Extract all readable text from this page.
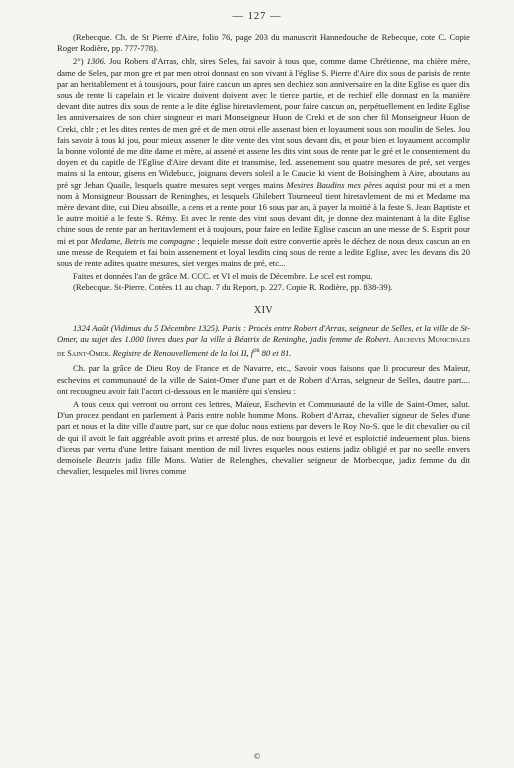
— 127 —

(Rebecque. Ch. de St Pierre d'Aire, folio 76, page 203 du manuscrit Hannedouche de Rebecque, cote C. Copie Roger Rodière, pp. 777-778).

2°) 1306. Jou Robers d'Arras, chlr, sires Seles, fai savoir à tous que, comme dame Chrétienne, ma chière mère, dame de Seles, par mon gre et par men otroi donnast en son vivant à l'église S. Pierre d'Aire dix sous de parisis de rente par an heritablement et à tousjours, pour faire cascun un apres sen dechiez son anniversaire en la dite Eglise es quer dix sous de rente li capelain et le vicaire doivent doivent avec le tierce partie, et de rechief elle donnast en la manière devant dite autres dix sous de rente a le dite église hiretavlement, pour faire cascun an, perpétuellement en ledite Eglise les anniversaires de son chier singneur et mari Monseigneur Huon de Creki et de son cher fil Monseigneur Huon de Creki, chlr ; et les dites rentes de men gré et de men otroi elle assenast bien et loyaument sous son moulin de Seles. Jou fais savoir à tous ki jou, pour mieux assener le dite vente des vint sous devant dis, et pour bien et loyaument accomplir la bonne volonté de me dite dame et mère, ai assené et assene les dits vint sous de rente par le gré et le consentement du doyen et du capitle de l'Eglise d'Aire devant dite et transmise, led. assenement sou quatre mesures de pré, set verges mains si la entour, gisens en Widebucc, joignans devers soleil a le Caucie ki vient de Boisinghem à Aire, aboutans au pré sgr Jehan Quaile, lesquels quatre mesures sept verges mains Mesires Baudins mes pères aquist pour mi et a men nom à Monsigneur Boussart de Reninghes, et lesquels Ghilebert Tourneeul tient hiretavlement de mi et Medame ma mère devant dite, cui Dieu absoille, a cens et a rente pour 16 sous par an, à payer la moitié à la feste S. Jean Baptiste et le autre moitié a le feste S. Rémy. Et avec le rente des vint sous devant dit, je donne dez maintenant à la dite Eglise chine sous de rente par an heritavlement et à toujours, pour faire en ledite Eglise cascun an une messe de S. Esprit pour mi et por Medame, Betris me compagne ; lequiele messe doit estre convertie après le déchez de nous deux cascun an en une messe de Requiem et fai boin assenement et loyal lesdits cinq sous de rente a ledite Eglise, avec les devans dis 20 sous de rente adites quatre mesures, siet verges mains de pré, etc...

Faites et données l'an de grâce M. CCC. et VI el mois de Décembre. Le scel est rompu.

(Rebecque. St-Pierre. Cotées 11 au chap. 7 du Report, p. 227. Copie R. Rodière, pp. 838-39).

XIV

1324 Août (Vidimus du 5 Décembre 1325). Paris : Procès entre Robert d'Arras, seigneur de Selles, et la ville de St-Omer, au sujet des 1.000 livres dues par la ville à Béatrix de Reninghe, jadis femme de Robert. Archives Municipales de Saint-Omer. Registre de Renouvellement de la loi II, $f^{os}$ 80 et 81.

Ch. par la grâce de Dieu Roy de France et de Navarre, etc., Savoir vous faisons que li procureur des Maïeur, eschevins et communauté de la ville de Saint-Omer d'une part et de Robert d'Arras, seigneur de Selles, dautre part.... ont recougneu avoir fait l'acort ci-dessous en le manière qui s'ensieu :

A tous ceux qui verront ou orront ces lettres, Maïeur, Eschevin et Communauté de la ville de Saint-Omer, salut. D'un procez pendant en parlement à Paris entre noble homme Mons. Robert d'Arraz, chevalier signeur de Seles d'une part et nous et la dite ville d'autre part, sur ce que doluc nous estiens par devers le Roy No-S. que le dit chevalier ou cil de qui il avoit le fait aggréable avoit prins et arresté plus. de noz bourgois et levé et esploictié indeuement plus. biens d'iceus par vertu d'une lettre faisant mention de mil livres esqueles nous estiens jadiz obligié et par no seelle envers demoisele Beatris jadiz fille Mons. Watier de Relenghes, chevalier seigneur de Morbecque, jadiz femme du dit chevalier, lesqueles mil livres comme

©
